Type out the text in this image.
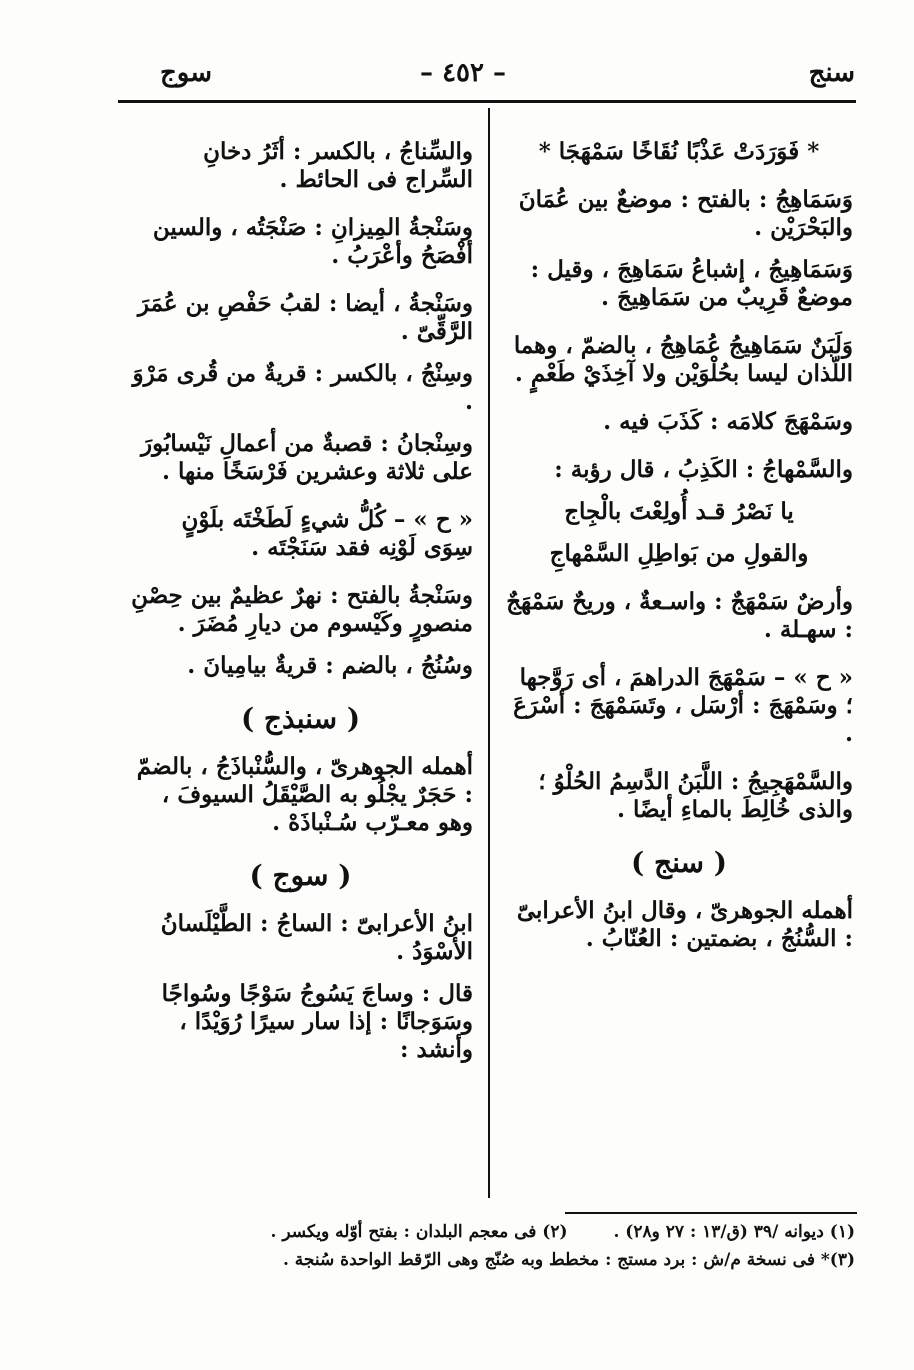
سنج
– ٤٥٢ –
سوج

* فَوَرَدَتْ عَذْبًا نُقَاخًا سَمْهَجَا *

وَسَمَاهِجُ : بالفتح : موضعٌ بين عُمَانَ والبَحْرَيْن .

وَسَمَاهِيجُ ، إشباعُ سَمَاهِجَ ، وقيل : موضعٌ قَرِيبٌ من سَمَاهِيجَ .

وَلَبَنٌ سَمَاهِيجُ عُمَاهِجُ ، بالضمّ ، وهما اللّذان ليسا بحُلْوَيْن ولا آخِذَيْ طَعْمٍ .

وسَمْهَجَ كلامَه : كَذَبَ فيه .

والسَّمْهاجُ : الكَذِبُ ، قال رؤبة :

يا نَصْرُ قـد أُولِعْتَ بالْجِاج

والقولِ من بَواطِلِ السَّمْهاجِ

وأرضٌ سَمْهَجٌ : واسـعةٌ ، وريحٌ سَمْهَجٌ : سهـلة .

« ح » – سَمْهَجَ الدراهمَ ، أى رَوَّجها ؛ وسَمْهَجَ : أرْسَل ، وتَسَمْهَجَ : أسْرَعَ .

والسَّمْهَجِيجُ : اللَّبَنُ الدَّسِمُ الحُلْوُ ؛ والذى خُالِطَ بالماءِ أيضًا .

( سنج )

أهمله الجوهرىّ ، وقال ابنُ الأعرابىّ : السُّنُجُ ، بضمتين : العُنّابُ .

والسِّناجُ ، بالكسر : أثَرُ دخانِ السِّراج فى الحائط .

وسَنْجةُ المِيزانِ : صَنْجَتُه ، والسين أفْصَحُ وأعْرَبُ .

وسَنْجةُ ، أيضا : لقبُ حَفْصِ بن عُمَرَ الرَّقِّىّ .

وسِنْجُ ، بالكسر : قريةٌ من قُرى مَرْوَ .

وسِنْجانُ : قصبةٌ من أعمالِ نَيْسابُورَ على ثلاثة وعشرين فَرْسَخًا منها .

« ح » – كُلُّ شيءٍ لَطَخْتَه بلَوْنٍ سِوَى لَوْنِه فقد سَنَجْتَه .

وسَنْجةُ بالفتح : نهرٌ عظيمٌ بين حِصْنِ منصورٍ وكَيْسوم من ديارِ مُضَرَ .

وسُنُجُ ، بالضم : قريةٌ بيامِيانَ .

( سنبذج )

أهمله الجوهرىّ ، والسُّنْباذَجُ ، بالضمّ : حَجَرٌ يجْلُو به الصَّيْقَلُ السيوفَ ، وهو معـرّب سُـنْباذَهْ .

( سوج )

ابنُ الأعرابىّ : الساجُ : الطَّيْلَسانُ الأسْوَدُ .

قال : وساجَ يَسُوجُ سَوْجًا وسُواجًا وسَوَجانًا : إذا سار سيرًا رُوَيْدًا ، وأنشد :

(١) ديوانه /٣٩ (ق/١٣ : ٢٧ و٢٨) . (٢) فى معجم البلدان : بفتح أوّله ويكسر .
(٣)* فى نسخة م/ش : برد مستج : مخطط وبه صُنّج وهى الرّقط الواحدة سُنجة .
